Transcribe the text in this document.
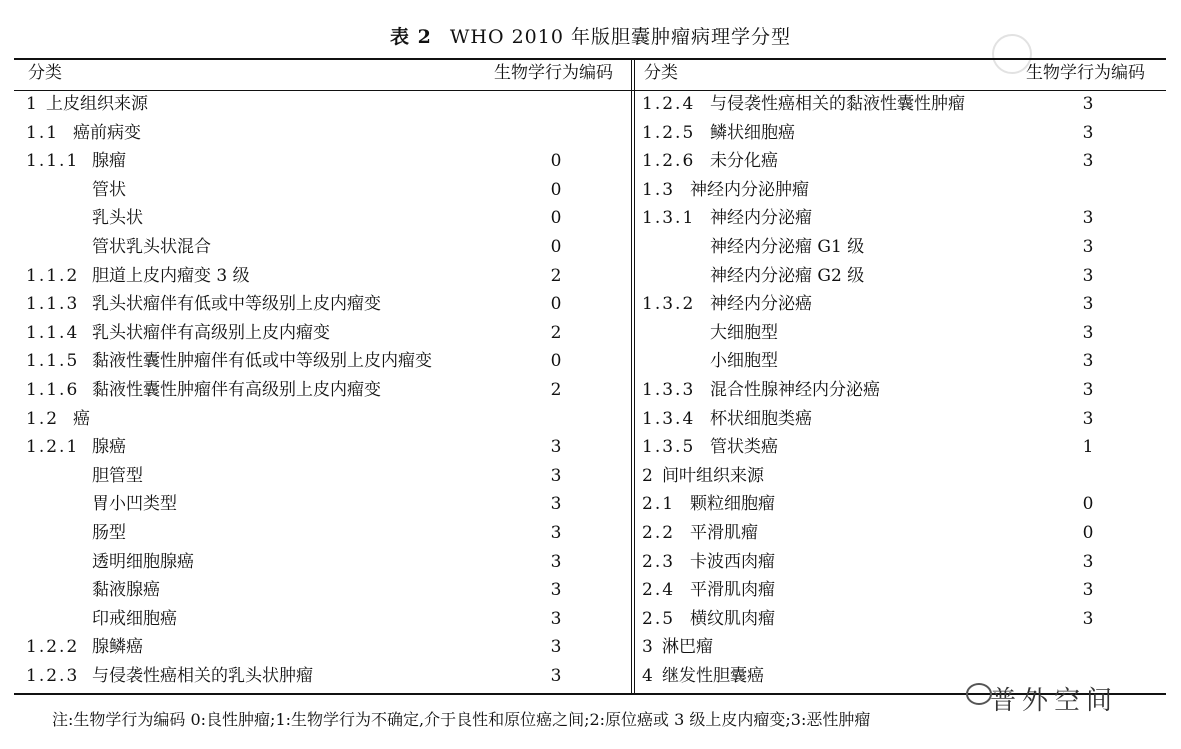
表 2 WHO 2010 年版胆囊肿瘤病理学分型
分类	生物学行为编码 分类	生物学行为编码
1 上皮组织来源
1.1 癌前病变
1.1.1 腺瘤	0
管状	0
乳头状	0
管状乳头状混合	0
1.1.2 胆道上皮内瘤变 3 级	2
1.1.3 乳头状瘤伴有低或中等级别上皮内瘤变	0
1.1.4 乳头状瘤伴有高级别上皮内瘤变	2
1.1.5 黏液性囊性肿瘤伴有低或中等级别上皮内瘤变	0
1.1.6 黏液性囊性肿瘤伴有高级别上皮内瘤变	2
1.2 癌
1.2.1 腺癌	3
胆管型	3
胃小凹类型	3
肠型	3
透明细胞腺癌	3
黏液腺癌	3
印戒细胞癌	3
1.2.2 腺鳞癌	3
1.2.3 与侵袭性癌相关的乳头状肿瘤	3
1.2.4 与侵袭性癌相关的黏液性囊性肿瘤	3
1.2.5 鳞状细胞癌	3
1.2.6 未分化癌	3
1.3 神经内分泌肿瘤
1.3.1 神经内分泌瘤	3
神经内分泌瘤 G1 级	3
神经内分泌瘤 G2 级	3
1.3.2 神经内分泌癌	3
大细胞型	3
小细胞型	3
1.3.3 混合性腺神经内分泌癌	3
1.3.4 杯状细胞类癌	3
1.3.5 管状类癌	1
2 间叶组织来源
2.1 颗粒细胞瘤	0
2.2 平滑肌瘤	0
2.3 卡波西肉瘤	3
2.4 平滑肌肉瘤	3
2.5 横纹肌肉瘤	3
3 淋巴瘤
4 继发性胆囊癌
注:生物学行为编码 0:良性肿瘤;1:生物学行为不确定,介于良性和原位癌之间;2:原位癌或 3 级上皮内瘤变;3:恶性肿瘤
普外空间
